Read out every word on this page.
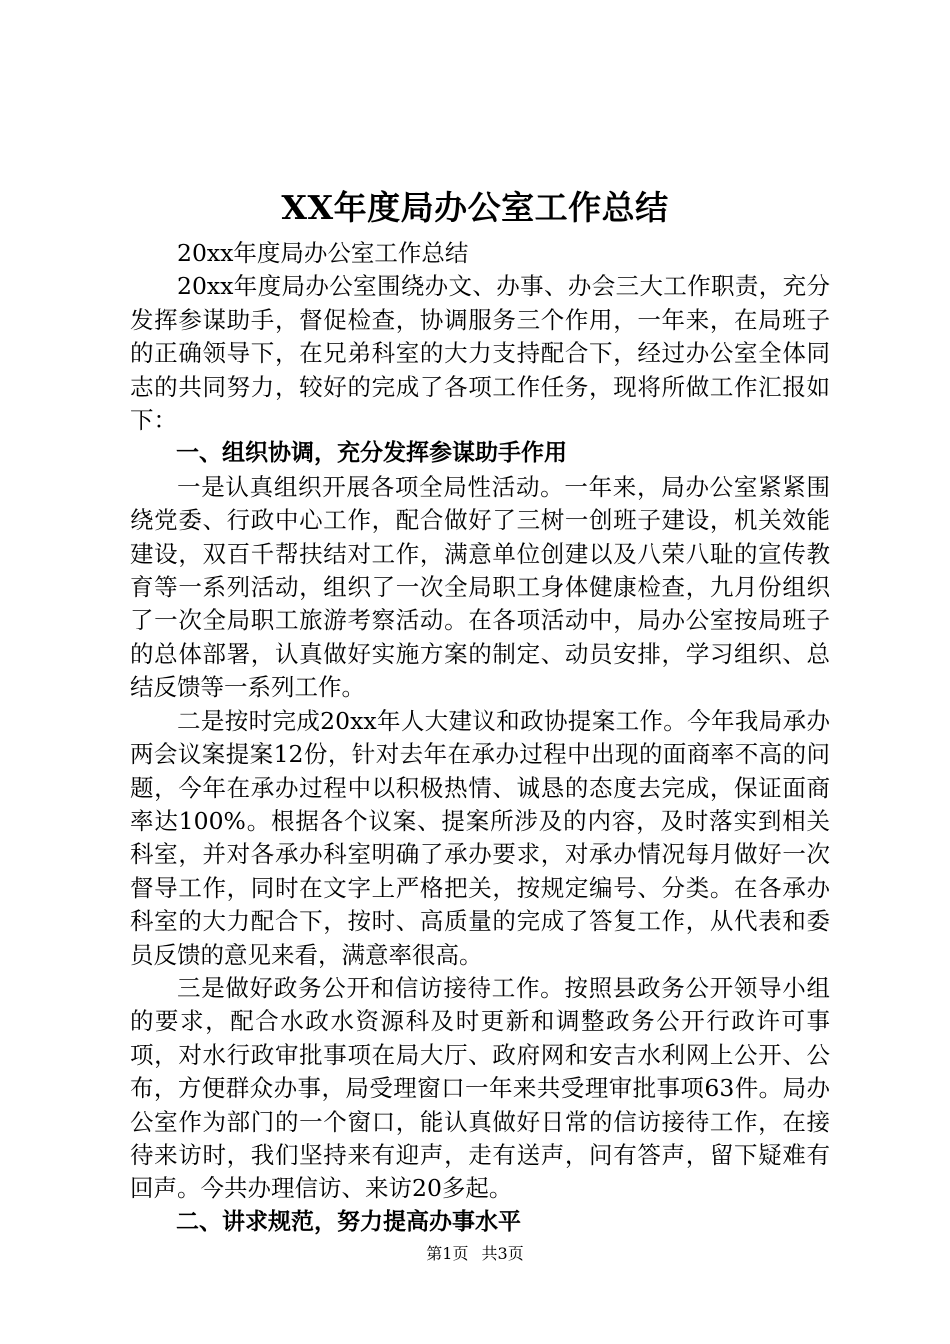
XX年度局办公室工作总结

20xx年度局办公室工作总结

20xx年度局办公室围绕办文、办事、办会三大工作职责，充分发挥参谋助手，督促检查，协调服务三个作用，一年来，在局班子的正确领导下，在兄弟科室的大力支持配合下，经过办公室全体同志的共同努力，较好的完成了各项工作任务，现将所做工作汇报如下：

一、组织协调，充分发挥参谋助手作用

一是认真组织开展各项全局性活动。一年来，局办公室紧紧围绕党委、行政中心工作，配合做好了三树一创班子建设，机关效能建设，双百千帮扶结对工作，满意单位创建以及八荣八耻的宣传教育等一系列活动，组织了一次全局职工身体健康检查，九月份组织了一次全局职工旅游考察活动。在各项活动中，局办公室按局班子的总体部署，认真做好实施方案的制定、动员安排，学习组织、总结反馈等一系列工作。

二是按时完成20xx年人大建议和政协提案工作。今年我局承办两会议案提案12份，针对去年在承办过程中出现的面商率不高的问题，今年在承办过程中以积极热情、诚恳的态度去完成，保证面商率达100%。根据各个议案、提案所涉及的内容，及时落实到相关科室，并对各承办科室明确了承办要求，对承办情况每月做好一次督导工作，同时在文字上严格把关，按规定编号、分类。在各承办科室的大力配合下，按时、高质量的完成了答复工作，从代表和委员反馈的意见来看，满意率很高。

三是做好政务公开和信访接待工作。按照县政务公开领导小组的要求，配合水政水资源科及时更新和调整政务公开行政许可事项，对水行政审批事项在局大厅、政府网和安吉水利网上公开、公布，方便群众办事，局受理窗口一年来共受理审批事项63件。局办公室作为部门的一个窗口，能认真做好日常的信访接待工作，在接待来访时，我们坚持来有迎声，走有送声，问有答声，留下疑难有回声。今共办理信访、来访20多起。

二、讲求规范，努力提高办事水平

第1页 共3页
